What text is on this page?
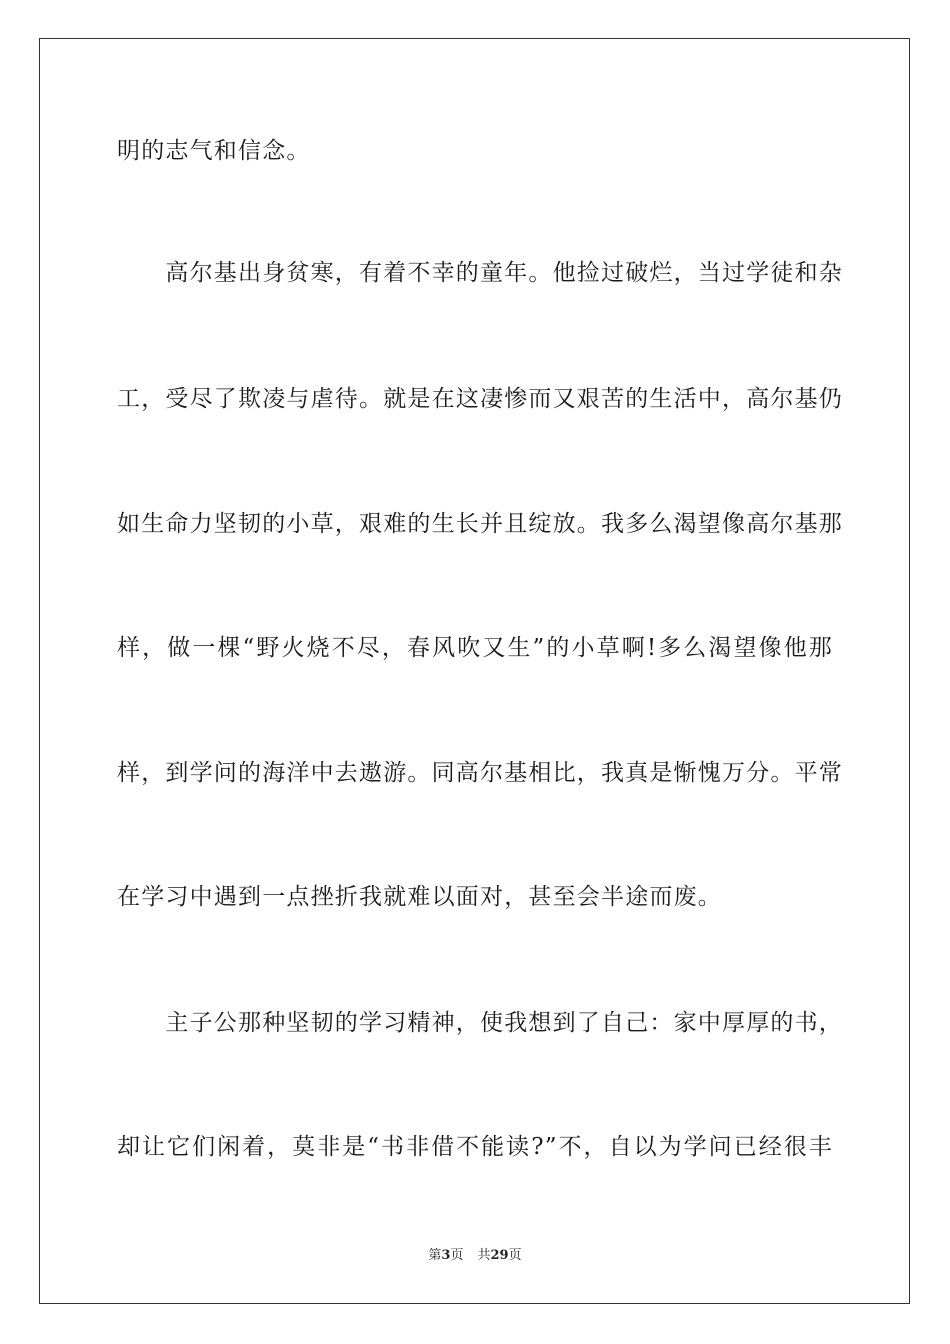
明的志气和信念。
　　高尔基出身贫寒，有着不幸的童年。他捡过破烂，当过学徒和杂
工，受尽了欺凌与虐待。就是在这凄惨而又艰苦的生活中，高尔基仍
如生命力坚韧的小草，艰难的生长并且绽放。我多么渴望像高尔基那
样，做一棵“野火烧不尽，春风吹又生”的小草啊!多么渴望像他那
样，到学问的海洋中去遨游。同高尔基相比，我真是惭愧万分。平常
在学习中遇到一点挫折我就难以面对，甚至会半途而废。
　　主子公那种坚韧的学习精神，使我想到了自己：家中厚厚的书，
却让它们闲着，莫非是“书非借不能读?”不，自以为学问已经很丰
第3页 共29页
